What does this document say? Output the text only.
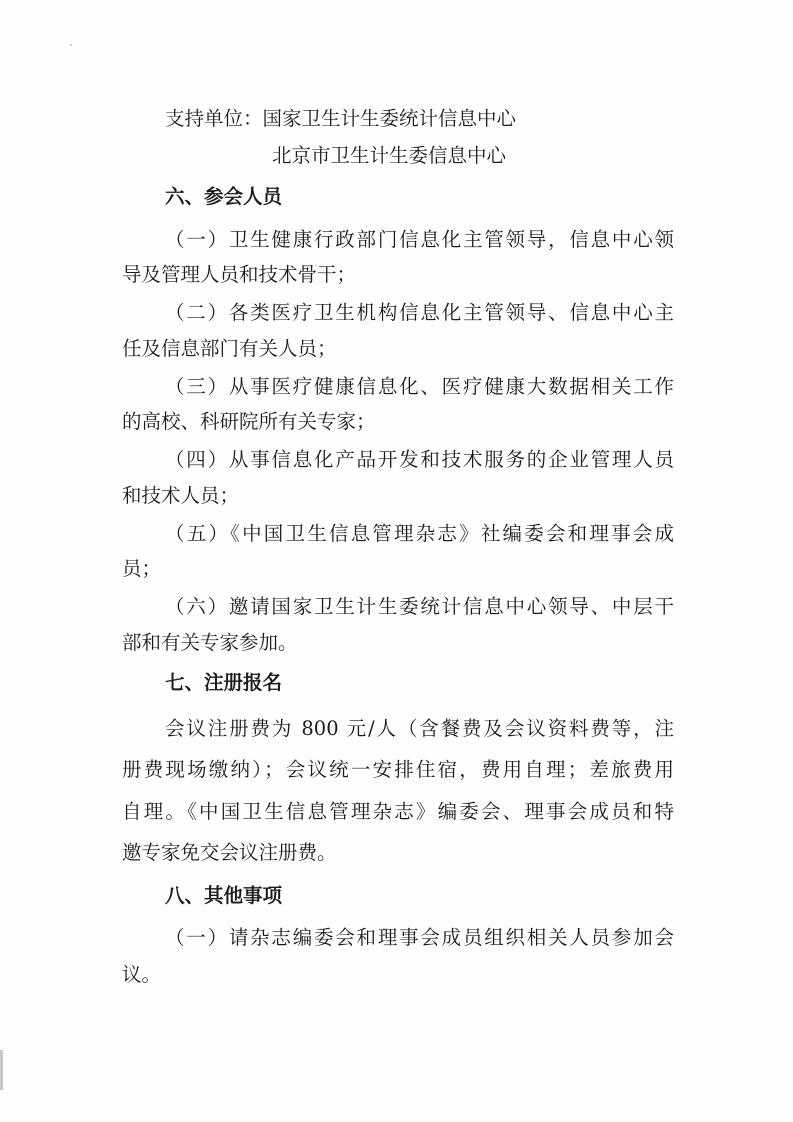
支持单位：国家卫生计生委统计信息中心
北京市卫生计生委信息中心
六、参会人员
（一）卫生健康行政部门信息化主管领导，信息中心领
导及管理人员和技术骨干；
（二）各类医疗卫生机构信息化主管领导、信息中心主
任及信息部门有关人员；
（三）从事医疗健康信息化、医疗健康大数据相关工作
的高校、科研院所有关专家；
（四）从事信息化产品开发和技术服务的企业管理人员
和技术人员；
（五）《中国卫生信息管理杂志》社编委会和理事会成
员；
（六）邀请国家卫生计生委统计信息中心领导、中层干
部和有关专家参加。
七、注册报名
会议注册费为 800 元/人（含餐费及会议资料费等，注
册费现场缴纳）；会议统一安排住宿，费用自理；差旅费用
自理。《中国卫生信息管理杂志》编委会、理事会成员和特
邀专家免交会议注册费。
八、其他事项
（一）请杂志编委会和理事会成员组织相关人员参加会
议。
